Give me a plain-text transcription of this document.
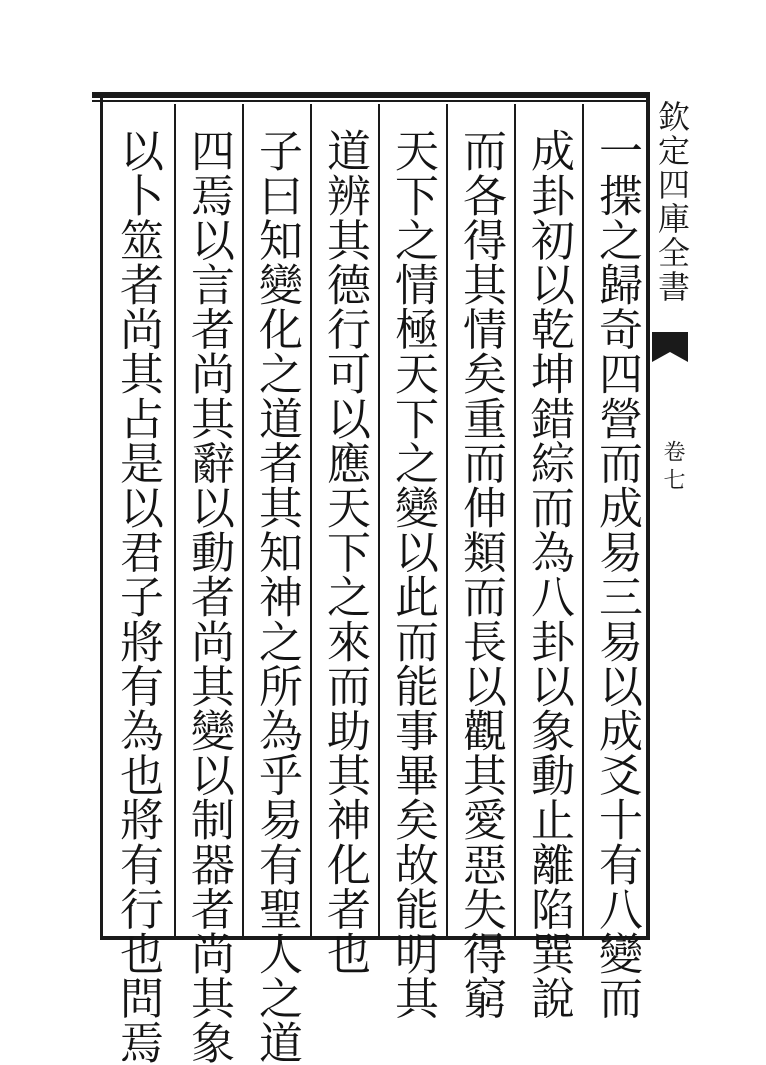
一揲之歸奇四營而成易三易以成爻十有八變而
成卦初以乾坤錯綜而為八卦以象動止離陷巽說
而各得其情矣重而伸類而長以觀其愛惡失得窮
天下之情極天下之變以此而能事畢矣故能明其
道辨其德行可以應天下之來而助其神化者也
子曰知變化之道者其知神之所為乎易有聖人之道
四焉以言者尚其辭以動者尚其變以制器者尚其象
以卜筮者尚其占是以君子將有為也將有行也問焉	欽定四庫全書
卷七
